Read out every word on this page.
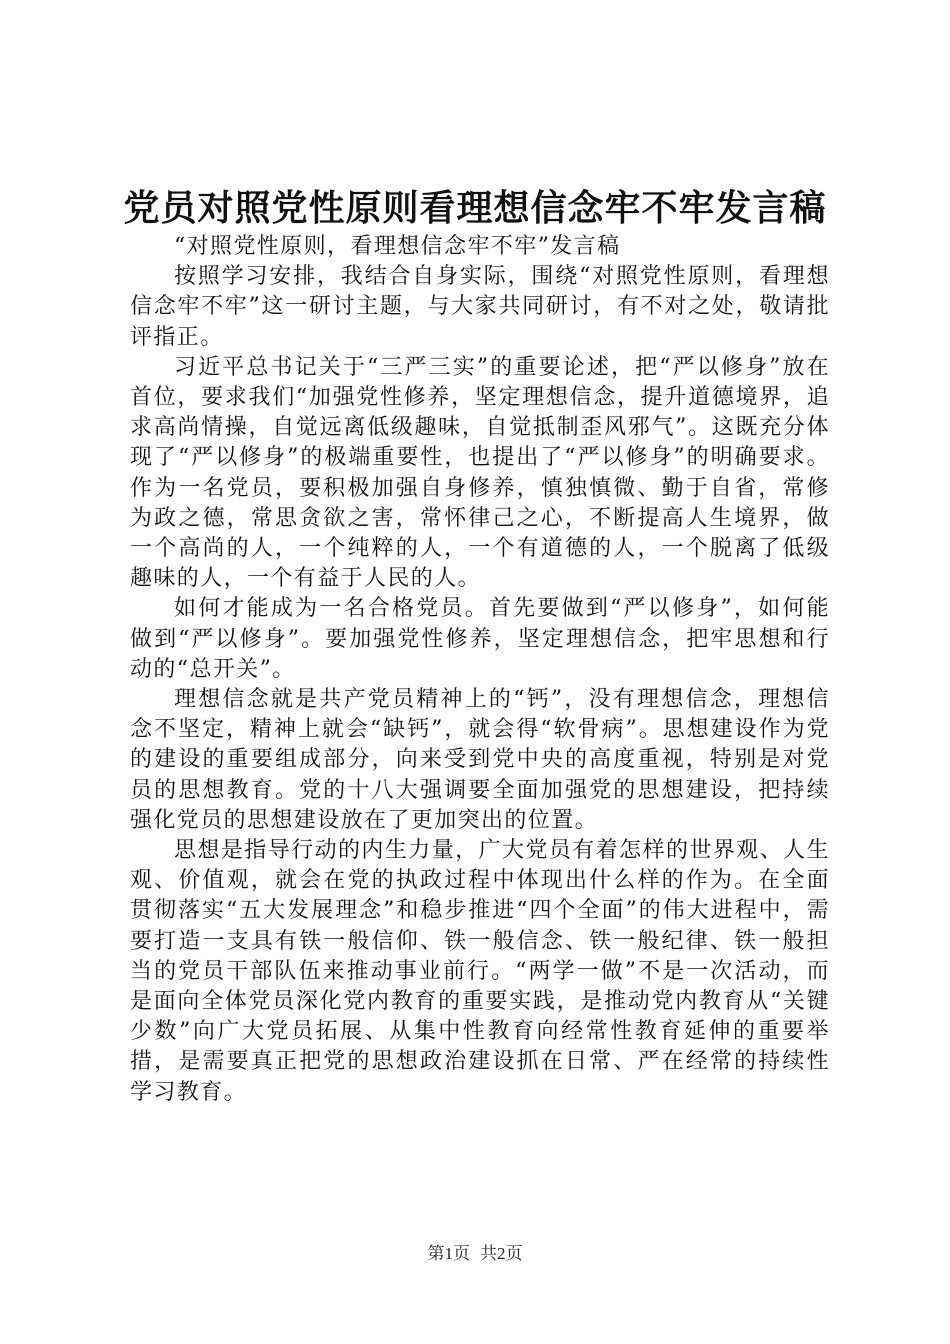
党员对照党性原则看理想信念牢不牢发言稿

“对照党性原则，看理想信念牢不牢”发言稿

按照学习安排，我结合自身实际，围绕“对照党性原则，看理想信念牢不牢”这一研讨主题，与大家共同研讨，有不对之处，敬请批评指正。

习近平总书记关于“三严三实”的重要论述，把“严以修身”放在首位，要求我们“加强党性修养，坚定理想信念，提升道德境界，追求高尚情操，自觉远离低级趣味，自觉抵制歪风邪气”。这既充分体现了“严以修身”的极端重要性，也提出了“严以修身”的明确要求。作为一名党员，要积极加强自身修养，慎独慎微、勤于自省，常修为政之德，常思贪欲之害，常怀律己之心，不断提高人生境界，做一个高尚的人，一个纯粹的人，一个有道德的人，一个脱离了低级趣味的人，一个有益于人民的人。

如何才能成为一名合格党员。首先要做到“严以修身”，如何能做到“严以修身”。要加强党性修养，坚定理想信念，把牢思想和行动的“总开关”。

理想信念就是共产党员精神上的“钙”，没有理想信念，理想信念不坚定，精神上就会“缺钙”，就会得“软骨病”。思想建设作为党的建设的重要组成部分，向来受到党中央的高度重视，特别是对党员的思想教育。党的十八大强调要全面加强党的思想建设，把持续强化党员的思想建设放在了更加突出的位置。

思想是指导行动的内生力量，广大党员有着怎样的世界观、人生观、价值观，就会在党的执政过程中体现出什么样的作为。在全面贯彻落实“五大发展理念”和稳步推进“四个全面”的伟大进程中，需要打造一支具有铁一般信仰、铁一般信念、铁一般纪律、铁一般担当的党员干部队伍来推动事业前行。“两学一做”不是一次活动，而是面向全体党员深化党内教育的重要实践，是推动党内教育从“关键少数”向广大党员拓展、从集中性教育向经常性教育延伸的重要举措，是需要真正把党的思想政治建设抓在日常、严在经常的持续性学习教育。

第1页 共2页
